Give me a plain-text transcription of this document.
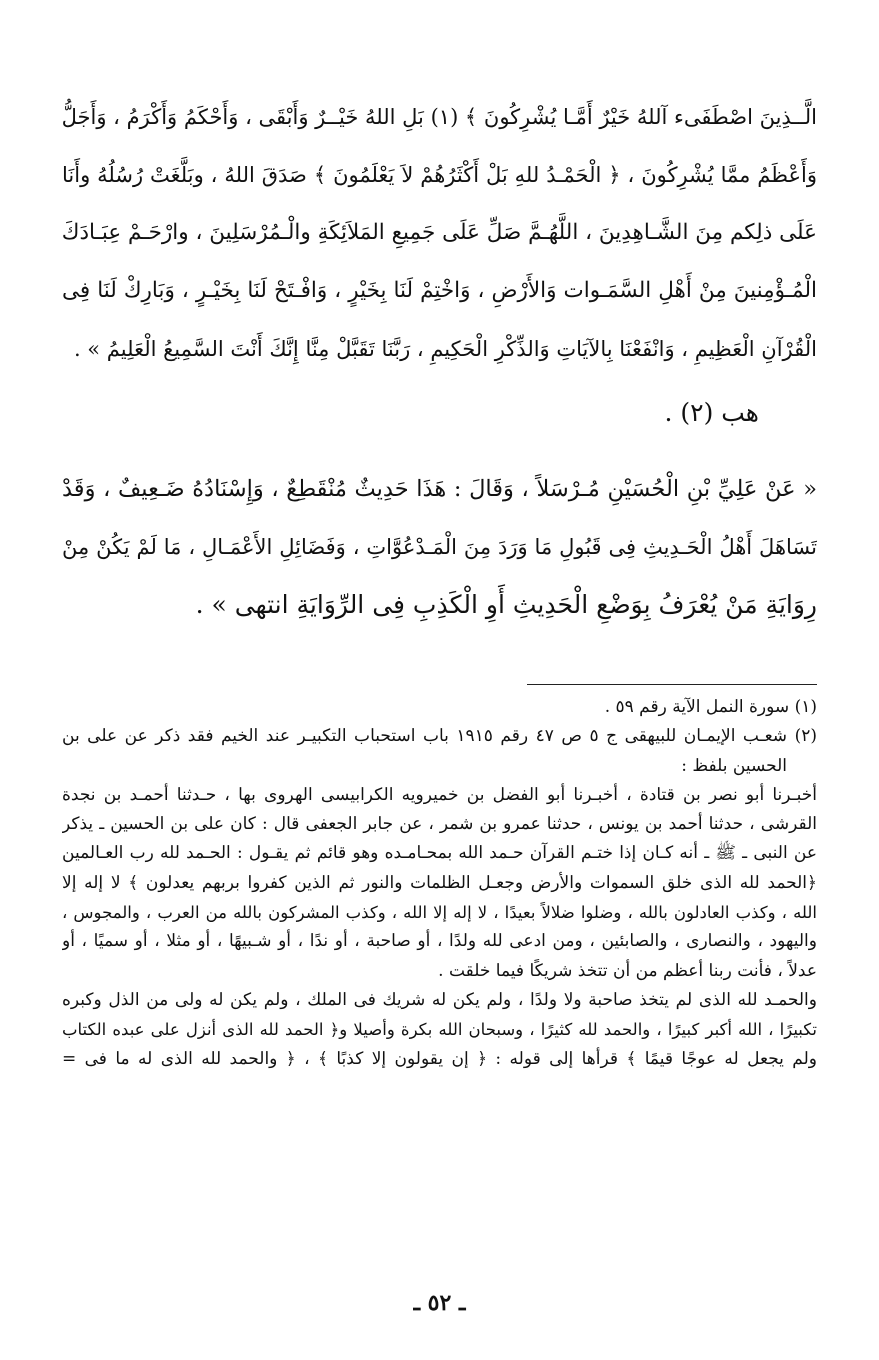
الَّــذِينَ اصْطَفَىء آللهُ خَيْرٌ أَمَّـا يُشْرِكُونَ ﴾ (١) بَلِ اللهُ خَيْــرٌ وَأَبْقَى ، وَأَحْكَمُ وَأَكْرَمُ ، وَأَجَلُّ
وَأَعْظَمُ ممَّا يُشْرِكُونَ ، ﴿ الْحَمْـدُ للهِ بَلْ أَكْثَرُهُمْ لاَ يَعْلَمُونَ ﴾ صَدَقَ اللهُ ، وبَلَّغَتْ رُسُلُهُ وأَنَا
عَلَى ذلِكم مِنَ الشَّـاهِدِينَ ، اللَّهُـمَّ صَلِّ عَلَى جَمِيعِ المَلاَئِكَةِ والْـمُرْسَلِينَ ، وارْحَـمْ عِبَـادَكَ
الْمُـؤْمِنينَ مِنْ أَهْلِ السَّمَـوات وَالأَرْضِ ، وَاخْتِمْ لَنَا بِخَيْرٍ ، وَافْـتَحْ لَنَا بِخَيْـرٍ ، وَبَارِكْ لَنَا فِى
الْقُرْآنِ الْعَظِيمِ ، وَانْفَعْنَا بِالآيَاتِ وَالذِّكْرِ الْحَكِيمِ ، رَبَّنَا تَقَبَّلْ مِنَّا إِنَّكَ أَنْتَ السَّمِيعُ الْعَلِيمُ » .
هب (٢) .
« عَنْ عَلِيِّ بْنِ الْحُسَيْنِ مُـرْسَلاً ، وَقَالَ : هَذَا حَدِيثٌ مُنْقَطِعٌ ، وَإِسْنَادُهُ ضَـعِيفٌ ، وَقَدْ
تَسَاهَلَ أَهْلُ الْحَـدِيثِ فِى قَبُولِ مَا وَرَدَ مِنَ الْمَـدْعُوَّاتِ ، وَفَضَائِلِ الأَعْمَـالِ ، مَا لَمْ يَكُنْ مِنْ
رِوَايَةِ مَنْ يُعْرَفُ بِوَضْعِ الْحَدِيثِ أَوِ الْكَذِبِ فِى الرِّوَايَةِ انتهى » .
(١) سورة النمل الآية رقم ٥٩ .
(٢) شعـب الإيمـان للبيهقى ج ٥ ص ٤٧ رقم ١٩١٥ باب استحباب التكبيـر عند الخيم فقد ذكر عن على بن
الحسين بلفظ :
أخبـرنا أبو نصر بن قتادة ، أخبـرنا أبو الفضل بن خميرويه الكرابيسى الهروى بها ، حـدثنا أحمـد بن نجدة
القرشى ، حدثنا أحمد بن يونس ، حدثنا عمرو بن شمر ، عن جابر الجعفى قال : كان على بن الحسين ـ يذكر
عن النبى ـ ﷺ ـ أنه كـان إذا ختـم القرآن حـمد الله بمحـامـده وهو قائم ثم يقـول : الحـمد لله رب العـالمين
﴿الحمد لله الذى خلق السموات والأرض وجعـل الظلمات والنور ثم الذين كفروا بربهم يعدلون ﴾ لا إله إلا
الله ، وكذب العادلون بالله ، وضلوا ضلالاً بعيدًا ، لا إله إلا الله ، وكذب المشركون بالله من العرب ، والمجوس ،
واليهود ، والنصارى ، والصابئين ، ومن ادعى لله ولدًا ، أو صاحبة ، أو ندًا ، أو شـبيهًا ، أو مثلا ، أو سميًا ، أو
عدلاً ، فأنت ربنا أعظم من أن تتخذ شريكًا فيما خلقت .
والحمـد لله الذى لم يتخذ صاحبة ولا ولدًا ، ولم يكن له شريك فى الملك ، ولم يكن له ولى من الذل وكبره
تكبيرًا ، الله أكبر كبيرًا ، والحمد لله كثيرًا ، وسبحان الله بكرة وأصيلا و﴿ الحمد لله الذى أنزل على عبده الكتاب
ولم يجعل له عوجًا قيمًا ﴾ قرأها إلى قوله : ﴿ إن يقولون إلا كذبًا ﴾ ، ﴿ والحمد لله الذى له ما فى =
ـ ٥٢ ـ
